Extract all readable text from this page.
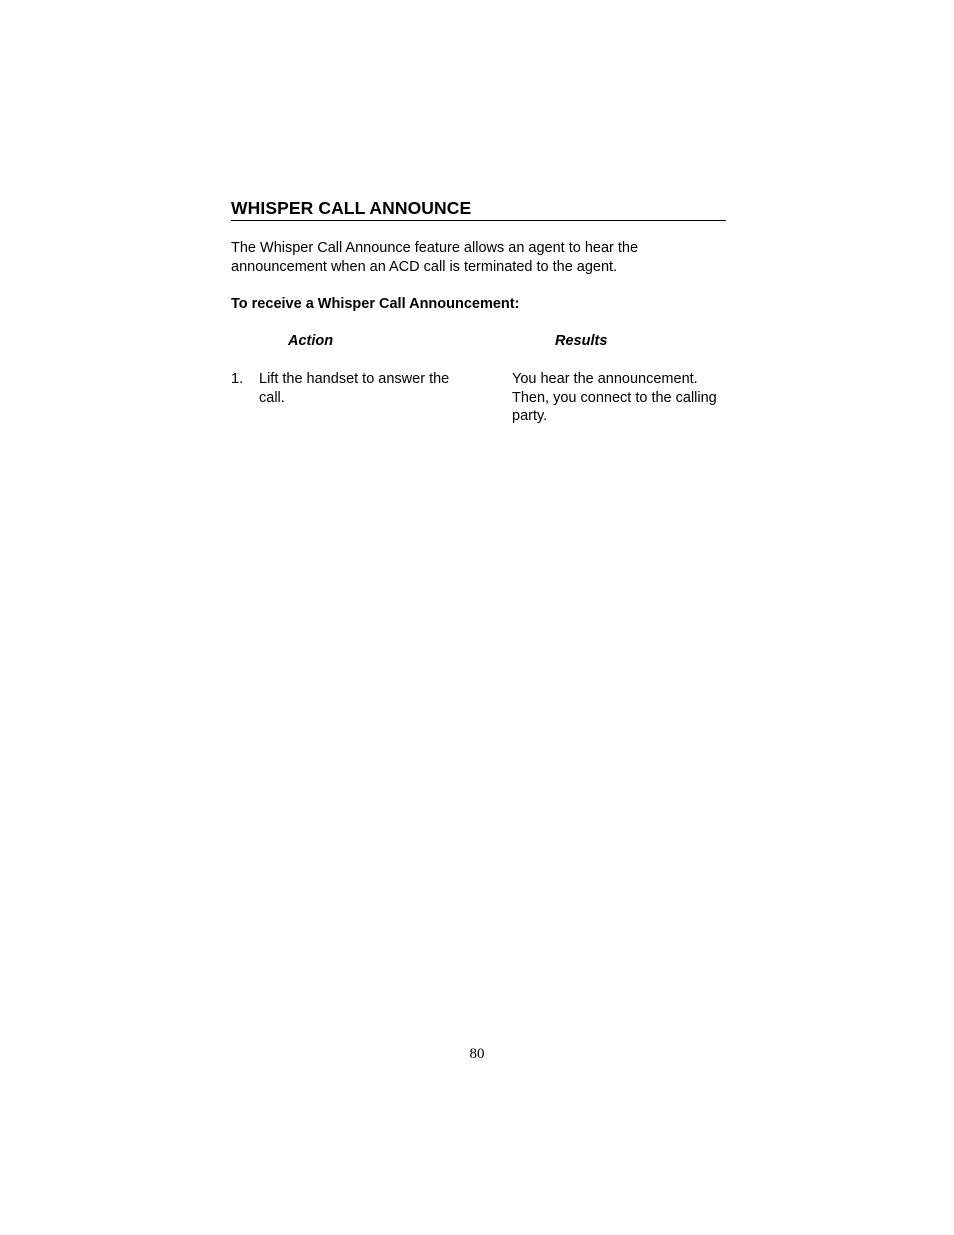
WHISPER CALL ANNOUNCE
The Whisper Call Announce feature allows an agent to hear the announcement when an ACD call is terminated to the agent.
To receive a Whisper Call Announcement:
Action	Results
1. Lift the handset to answer the call.
You hear the announcement. Then, you connect to the calling party.
80
